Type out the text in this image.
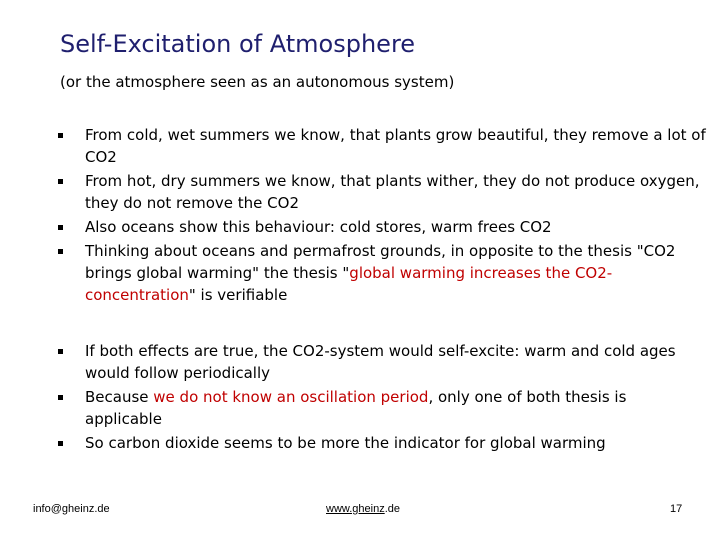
Self-Excitation of Atmosphere
(or the atmosphere seen as an autonomous system)
From cold, wet summers we know, that plants grow beautiful, they remove a lot of CO2
From hot, dry summers we know, that plants wither, they do not produce oxygen, they do not remove the CO2
Also oceans show this behaviour: cold stores, warm frees CO2
Thinking about oceans and permafrost grounds, in opposite to the thesis "CO2 brings global warming" the thesis "global warming increases the CO2-concentration" is verifiable
If both effects are true, the CO2-system would self-excite: warm and cold ages would follow periodically
Because we do not know an oscillation period, only one of both thesis is applicable
So carbon dioxide seems to be more the indicator for global warming
info@gheinz.de	www.gheinz.de	17
